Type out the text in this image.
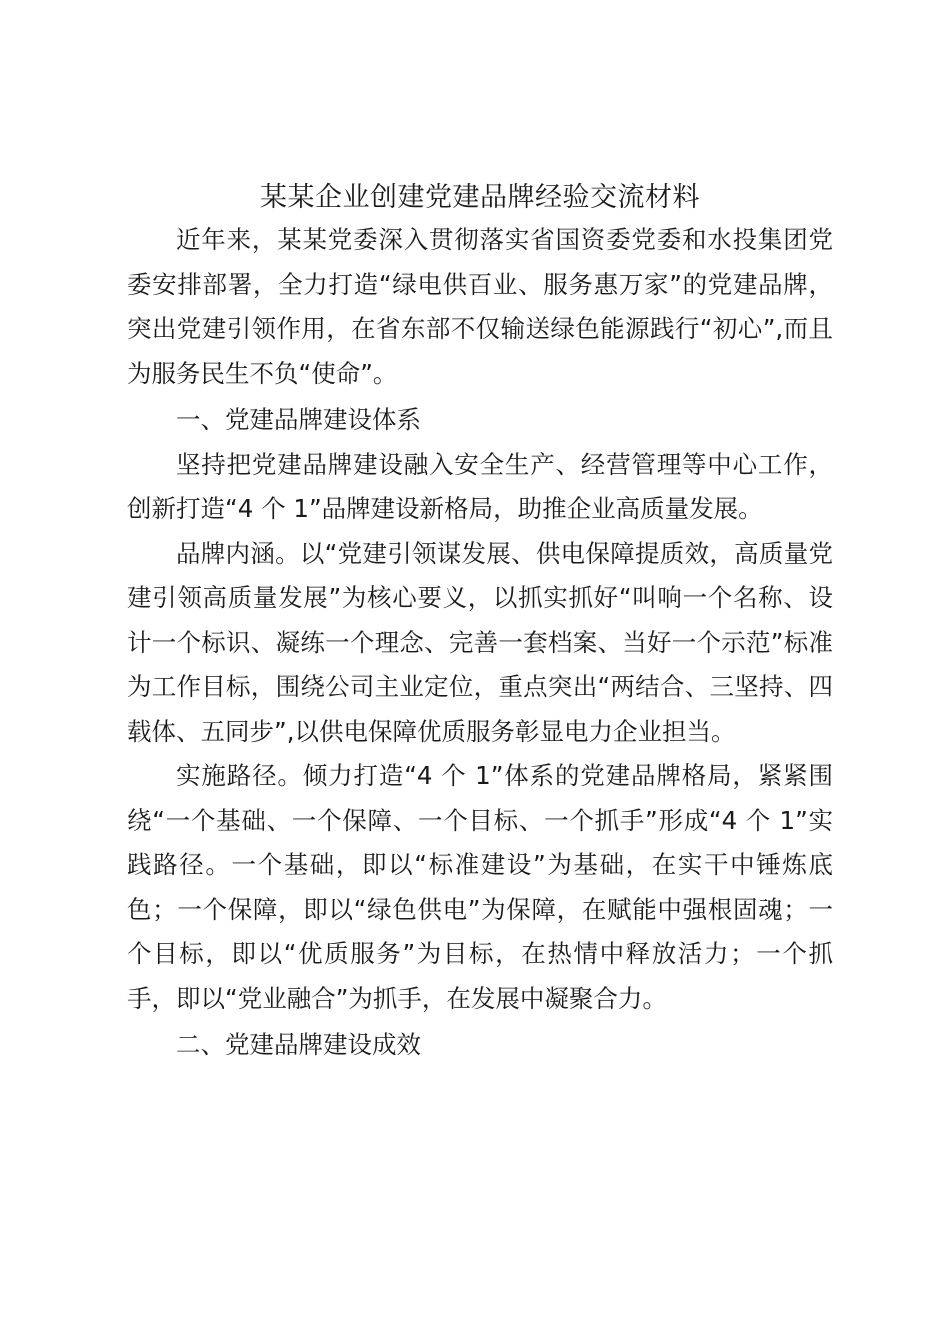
某某企业创建党建品牌经验交流材料

近年来，某某党委深入贯彻落实省国资委党委和水投集团党委安排部署，全力打造“绿电供百业、服务惠万家”的党建品牌，突出党建引领作用，在省东部不仅输送绿色能源践行“初心”,而且为服务民生不负“使命”。

一、党建品牌建设体系

坚持把党建品牌建设融入安全生产、经营管理等中心工作，创新打造“4 个 1”品牌建设新格局，助推企业高质量发展。

品牌内涵。以“党建引领谋发展、供电保障提质效，高质量党建引领高质量发展”为核心要义，以抓实抓好“叫响一个名称、设计一个标识、凝练一个理念、完善一套档案、当好一个示范”标准为工作目标，围绕公司主业定位，重点突出“两结合、三坚持、四载体、五同步”,以供电保障优质服务彰显电力企业担当。

实施路径。倾力打造“4 个 1”体系的党建品牌格局，紧紧围绕“一个基础、一个保障、一个目标、一个抓手”形成“4 个 1”实践路径。一个基础，即以“标准建设”为基础，在实干中锤炼底色；一个保障，即以“绿色供电”为保障，在赋能中强根固魂；一个目标，即以“优质服务”为目标，在热情中释放活力；一个抓手，即以“党业融合”为抓手，在发展中凝聚合力。

二、党建品牌建设成效
